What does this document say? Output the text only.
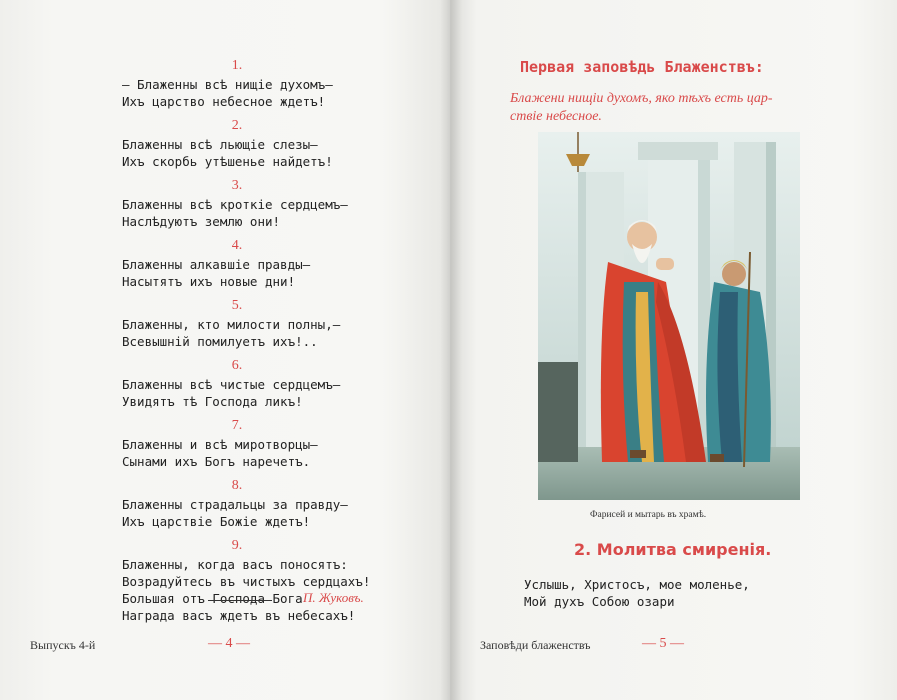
1.
— Блаженны всѣ нищіе духомъ—
Ихъ царство небесное ждетъ!
2.
Блаженны всѣ льющіе слезы—
Ихъ скорбь утѣшенье найдетъ!
3.
Блаженны всѣ кроткіе сердцемъ—
Наслѣдуютъ землю они!
4.
Блаженны алкавшіе правды—
Насытятъ ихъ новые дни!
5.
Блаженны, кто милости полны,—
Всевышній помилуетъ ихъ!..
6.
Блаженны всѣ чистые сердцемъ—
Увидятъ тѣ Господа ликъ!
7.
Блаженны и всѣ миротворцы—
Сынами ихъ Богъ наречетъ.
8.
Блаженны страдальцы за правду—
Ихъ царствіе Божіе ждетъ!
9.
Блаженны, когда васъ поносятъ:
Возрадуйтесь въ чистыхъ сердцахъ!
Большая отъ Господа Бога
Награда васъ ждетъ въ небесахъ!
П. Жуковъ.
Выпускъ 4-й	— 4 —
Первая заповѣдь Блаженствъ:
Блажени нищіи духомъ, яко тѣхъ есть цар-
ствіе небесное.
Фарисей и мытарь въ храмѣ.
2. Молитва смиренія.
Услышь, Христосъ, мое моленье,
Мой духъ Собою озари
Заповѣди блаженствъ	— 5 —
